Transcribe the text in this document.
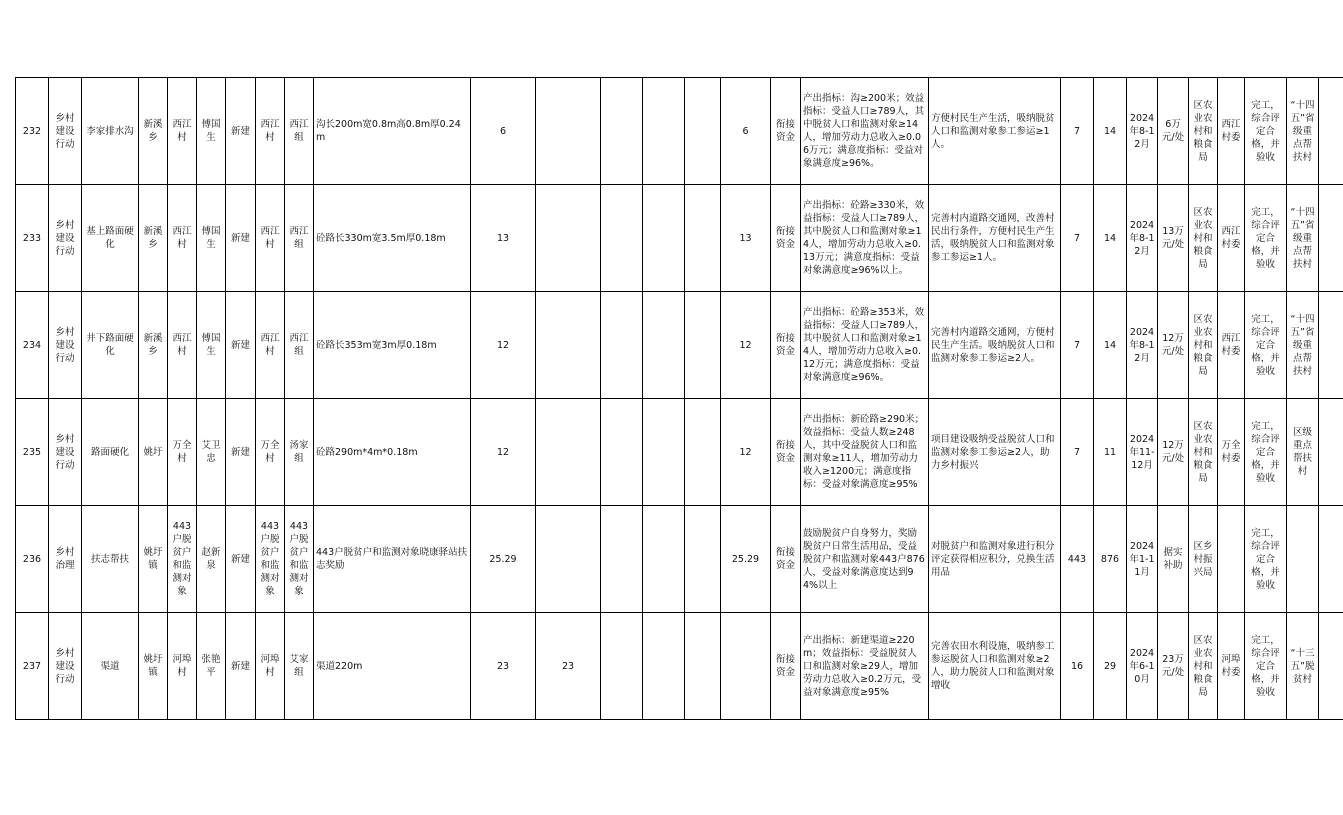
232	乡村建设行动	李家排水沟	新溪乡	西江村	傅国生	新建	西江村	西江组	沟长200m宽0.8m高0.8m厚0.24m	6					6	衔接资金	产出指标：沟≥200米；效益指标：受益人口≥789人，其中脱贫人口和监测对象≥14人，增加劳动力总收入≥0.06万元；满意度指标：受益对象满意度≥96%。	方便村民生产生活，吸纳脱贫人口和监测对象参工参运≥1人。	7	14	2024年8-12月	6万元/处	区农业农村和粮食局	西江村委	完工，综合评定合格，并验收	“十四五”省级重点帮扶村	
233	乡村建设行动	基上路面硬化	新溪乡	西江村	傅国生	新建	西江村	西江组	砼路长330m宽3.5m厚0.18m	13					13	衔接资金	产出指标：砼路≥330米，效益指标：受益人口≥789人，其中脱贫人口和监测对象≥14人，增加劳动力总收入≥0.13万元；满意度指标：受益对象满意度≥96%以上。	完善村内道路交通网，改善村民出行条件，方便村民生产生活，吸纳脱贫人口和监测对象参工参运≥1人。	7	14	2024年8-12月	13万元/处	区农业农村和粮食局	西江村委	完工，综合评定合格，并验收	“十四五”省级重点帮扶村	
234	乡村建设行动	井下路面硬化	新溪乡	西江村	傅国生	新建	西江村	西江组	砼路长353m宽3m厚0.18m	12					12	衔接资金	产出指标：砼路≥353米，效益指标：受益人口≥789人，其中脱贫人口和监测对象≥14人，增加劳动力总收入≥0.12万元；满意度指标：受益对象满意度≥96%。	完善村内道路交通网，方便村民生产生活。吸纳脱贫人口和监测对象参工参运≥2人。	7	14	2024年8-12月	12万元/处	区农业农村和粮食局	西江村委	完工，综合评定合格，并验收	“十四五”省级重点帮扶村	
235	乡村建设行动	路面硬化	姚圩	万全村	艾卫忠	新建	万全村	汤家组	砼路290m*4m*0.18m	12					12	衔接资金	产出指标：新砼路≥290米；效益指标：受益人数≥248人，其中受益脱贫人口和监测对象≥11人，增加劳动力收入≥1200元；满意度指标：受益对象满意度≥95%	项目建设吸纳受益脱贫人口和监测对象参工参运≥2人，助力乡村振兴	7	11	2024年11-12月	12万元/处	区农业农村和粮食局	万全村委	完工，综合评定合格，并验收	区级重点帮扶村	
236	乡村治理	扶志帮扶	姚圩镇	443户脱贫户和监测对象	赵新泉	新建	443户脱贫户和监测对象	443户脱贫户和监测对象	443户脱贫户和监测对象晓康驿站扶志奖励	25.29					25.29	衔接资金	鼓励脱贫户自身努力，奖励脱贫户日常生活用品，受益脱贫户和监测对象443户876人，受益对象满意度达到94%以上	对脱贫户和监测对象进行积分评定获得相应积分，兑换生活用品	443	876	2024年1-11月	据实补助	区乡村振兴局		完工，综合评定合格，并验收		
237	乡村建设行动	渠道	姚圩镇	河埠村	张艳平	新建	河埠村	艾家组	渠道220m	23	23					衔接资金	产出指标：新建渠道≥220m；效益指标：受益脱贫人口和监测对象≥29人，增加劳动力总收入≥0.2万元，受益对象满意度≥95%	完善农田水利设施，吸纳参工参运脱贫人口和监测对象≥2人，助力脱贫人口和监测对象增收	16	29	2024年6-10月	23万元/处	区农业农村和粮食局	河埠村委	完工，综合评定合格，并验收	“十三五”脱贫村	
